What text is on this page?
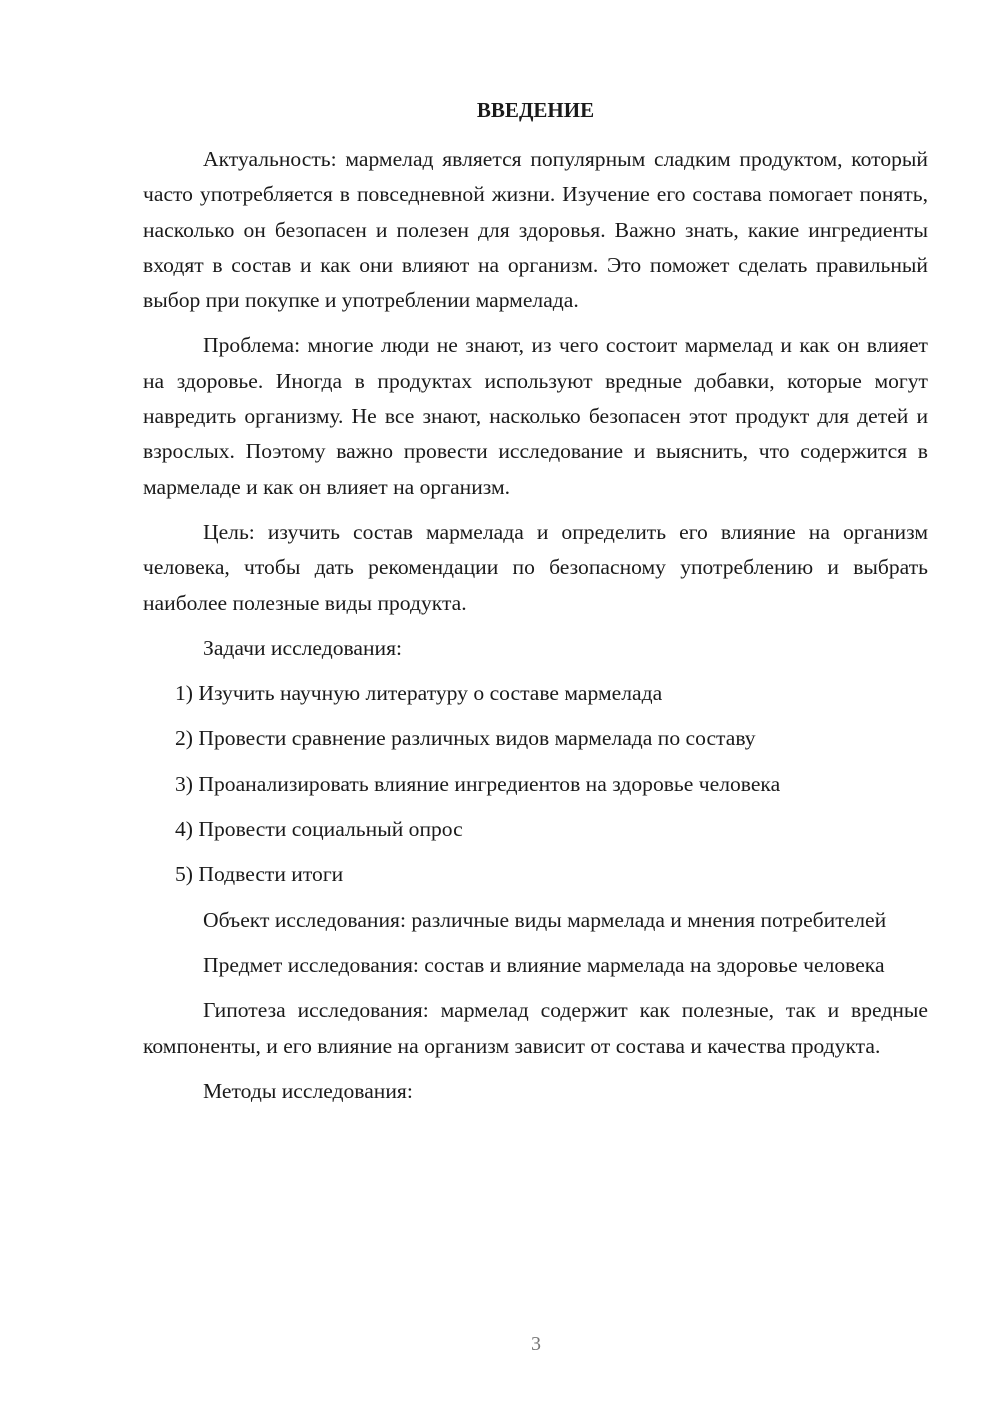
ВВЕДЕНИЕ

Актуальность: мармелад является популярным сладким продуктом, который часто употребляется в повседневной жизни. Изучение его состава помогает понять, насколько он безопасен и полезен для здоровья. Важно знать, какие ингредиенты входят в состав и как они влияют на организм. Это поможет сделать правильный выбор при покупке и употреблении мармелада.

Проблема: многие люди не знают, из чего состоит мармелад и как он влияет на здоровье. Иногда в продуктах используют вредные добавки, которые могут навредить организму. Не все знают, насколько безопасен этот продукт для детей и взрослых. Поэтому важно провести исследование и выяснить, что содержится в мармеладе и как он влияет на организм.

Цель: изучить состав мармелада и определить его влияние на организм человека, чтобы дать рекомендации по безопасному употреблению и выбрать наиболее полезные виды продукта.

Задачи исследования:

1) Изучить научную литературу о составе мармелада

2) Провести сравнение различных видов мармелада по составу

3) Проанализировать влияние ингредиентов на здоровье человека

4) Провести социальный опрос

5) Подвести итоги

Объект исследования: различные виды мармелада и мнения потребителей

Предмет исследования: состав и влияние мармелада на здоровье человека

Гипотеза исследования: мармелад содержит как полезные, так и вредные компоненты, и его влияние на организм зависит от состава и качества продукта.

Методы исследования:

3
